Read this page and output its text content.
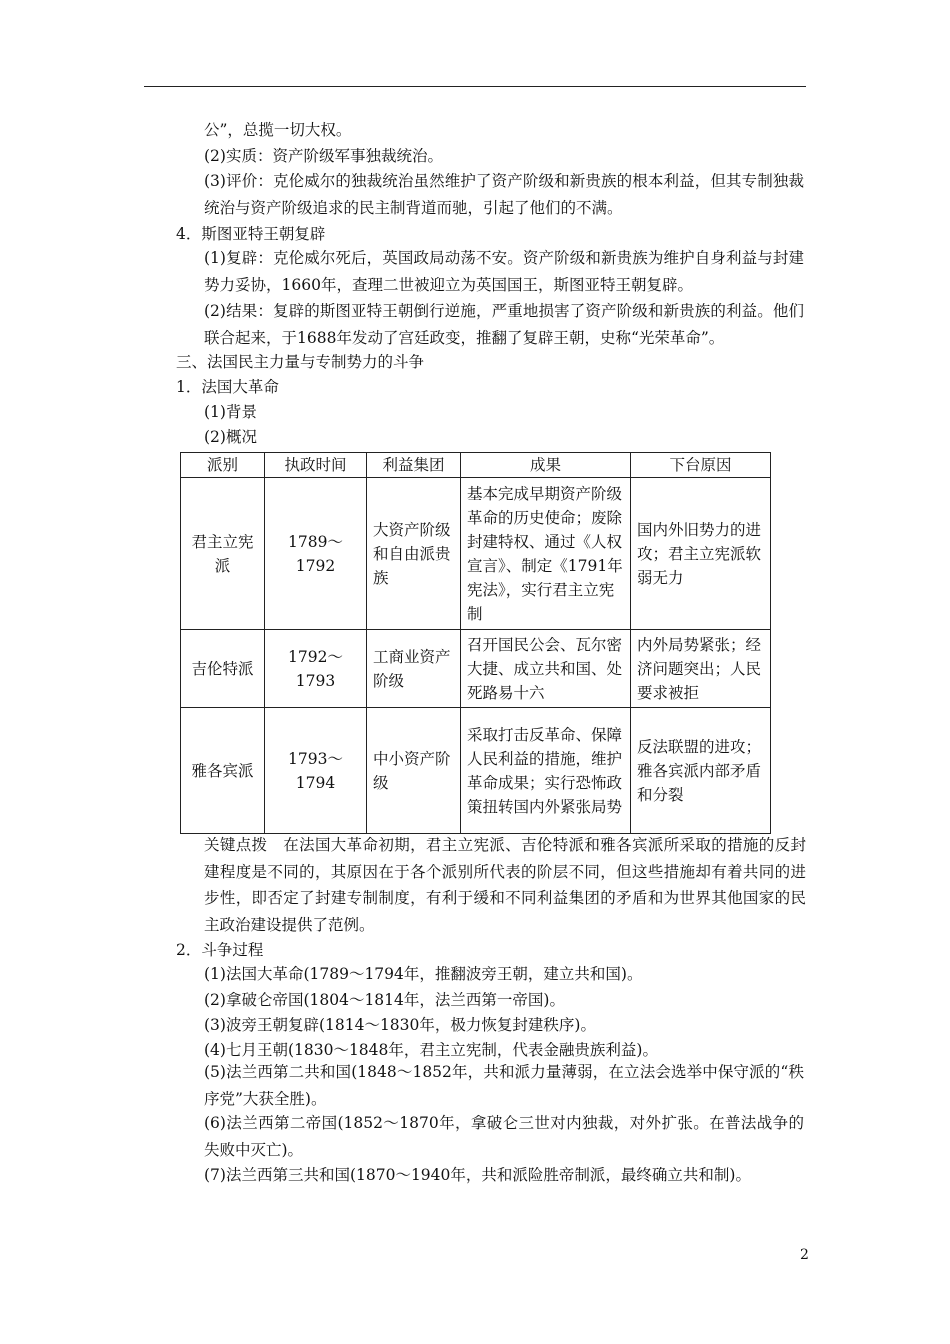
公”，总揽一切大权。
(2)实质：资产阶级军事独裁统治。
(3)评价：克伦威尔的独裁统治虽然维护了资产阶级和新贵族的根本利益，但其专制独裁统治与资产阶级追求的民主制背道而驰，引起了他们的不满。
4．斯图亚特王朝复辟
(1)复辟：克伦威尔死后，英国政局动荡不安。资产阶级和新贵族为维护自身利益与封建势力妥协，1660年，查理二世被迎立为英国国王，斯图亚特王朝复辟。
(2)结果：复辟的斯图亚特王朝倒行逆施，严重地损害了资产阶级和新贵族的利益。他们联合起来，于1688年发动了宫廷政变，推翻了复辟王朝，史称“光荣革命”。
三、法国民主力量与专制势力的斗争
1．法国大革命
(1)背景
(2)概况
派别	执政时间	利益集团	成果	下台原因
君主立宪派	1789～1792	大资产阶级和自由派贵族	基本完成早期资产阶级革命的历史使命；废除封建特权、通过《人权宣言》、制定《1791年宪法》，实行君主立宪制	国内外旧势力的进攻；君主立宪派软弱无力
吉伦特派	1792～1793	工商业资产阶级	召开国民公会、瓦尔密大捷、成立共和国、处死路易十六	内外局势紧张；经济问题突出；人民要求被拒
雅各宾派	1793～1794	中小资产阶级	采取打击反革命、保障人民利益的措施，维护革命成果；实行恐怖政策扭转国内外紧张局势	反法联盟的进攻；雅各宾派内部矛盾和分裂
关键点拨　在法国大革命初期，君主立宪派、吉伦特派和雅各宾派所采取的措施的反封建程度是不同的，其原因在于各个派别所代表的阶层不同，但这些措施却有着共同的进步性，即否定了封建专制制度，有利于缓和不同利益集团的矛盾和为世界其他国家的民主政治建设提供了范例。
2．斗争过程
(1)法国大革命(1789～1794年，推翻波旁王朝，建立共和国)。
(2)拿破仑帝国(1804～1814年，法兰西第一帝国)。
(3)波旁王朝复辟(1814～1830年，极力恢复封建秩序)。
(4)七月王朝(1830～1848年，君主立宪制，代表金融贵族利益)。
(5)法兰西第二共和国(1848～1852年，共和派力量薄弱，在立法会选举中保守派的“秩序党”大获全胜)。
(6)法兰西第二帝国(1852～1870年，拿破仑三世对内独裁，对外扩张。在普法战争的失败中灭亡)。
(7)法兰西第三共和国(1870～1940年，共和派险胜帝制派，最终确立共和制)。
2
